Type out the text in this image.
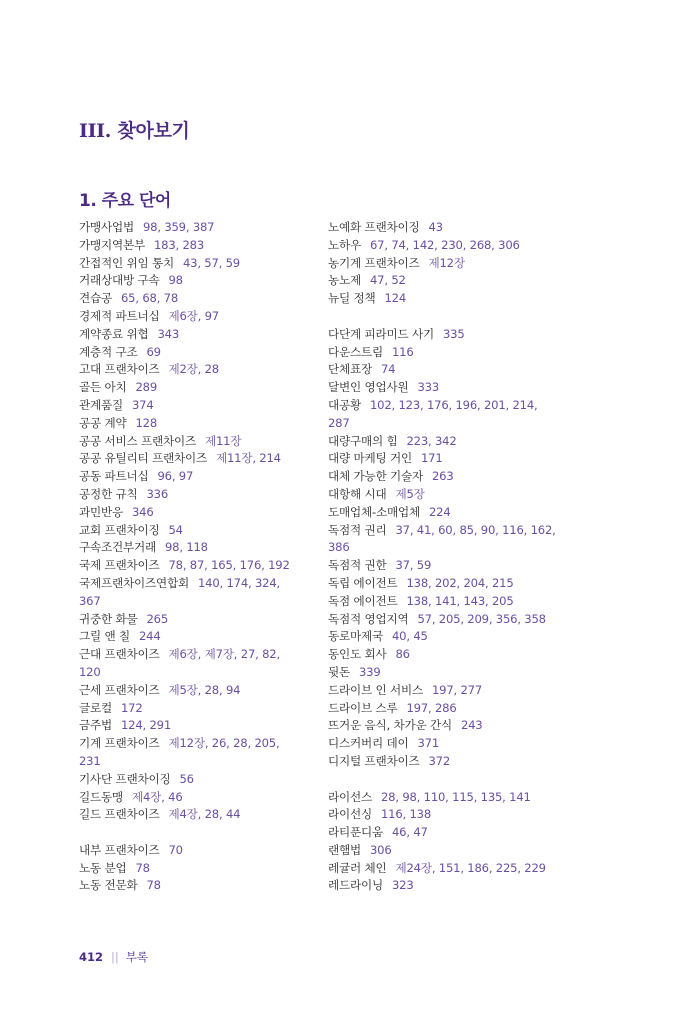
III. 찾아보기
1. 주요 단어

가맹사업법 98, 359, 387

가맹지역본부 183, 283

간접적인 위임 통치 43, 57, 59

거래상대방 구속 98

견습공 65, 68, 78

경제적 파트너십 제6장, 97

계약종료 위협 343

계층적 구조 69

고대 프랜차이즈 제2장, 28

골든 아치 289

관계품질 374

공공 계약 128

공공 서비스 프랜차이즈 제11장

공공 유틸리티 프랜차이즈 제11장, 214

공동 파트너십 96, 97

공정한 규칙 336

과민반응 346

교회 프랜차이징 54

구속조건부거래 98, 118

국제 프랜차이즈 78, 87, 165, 176, 192

국제프랜차이즈연합회 140, 174, 324, 367

귀중한 화물 265

그릴 앤 칠 244

근대 프랜차이즈 제6장, 제7장, 27, 82, 120

근세 프랜차이즈 제5장, 28, 94

글로컬 172

금주법 124, 291

기계 프랜차이즈 제12장, 26, 28, 205, 231

기사단 프랜차이징 56

길드동맹 제4장, 46

길드 프랜차이즈 제4장, 28, 44

내부 프랜차이즈 70

노동 분업 78

노동 전문화 78

노예화 프랜차이징 43

노하우 67, 74, 142, 230, 268, 306

농기계 프랜차이즈 제12장

농노제 47, 52

뉴딜 정책 124

다단계 피라미드 사기 335

다운스트림 116

단체표장 74

달변인 영업사원 333

대공황 102, 123, 176, 196, 201, 214, 287

대량구매의 힘 223, 342

대량 마케팅 거인 171

대체 가능한 기술자 263

대항해 시대 제5장

도매업체-소매업체 224

독점적 권리 37, 41, 60, 85, 90, 116, 162, 386

독점적 권한 37, 59

독립 에이전트 138, 202, 204, 215

독점 에이전트 138, 141, 143, 205

독점적 영업지역 57, 205, 209, 356, 358

동로마제국 40, 45

동인도 회사 86

뒷돈 339

드라이브 인 서비스 197, 277

드라이브 스루 197, 286

뜨거운 음식, 차가운 간식 243

디스커버리 데이 371

디지털 프랜차이즈 372

라이선스 28, 98, 110, 115, 135, 141

라이선싱 116, 138

라티푼디움 46, 47

랜햄법 306

레귤러 체인 제24장, 151, 186, 225, 229

레드라이닝 323

412 || 부록
